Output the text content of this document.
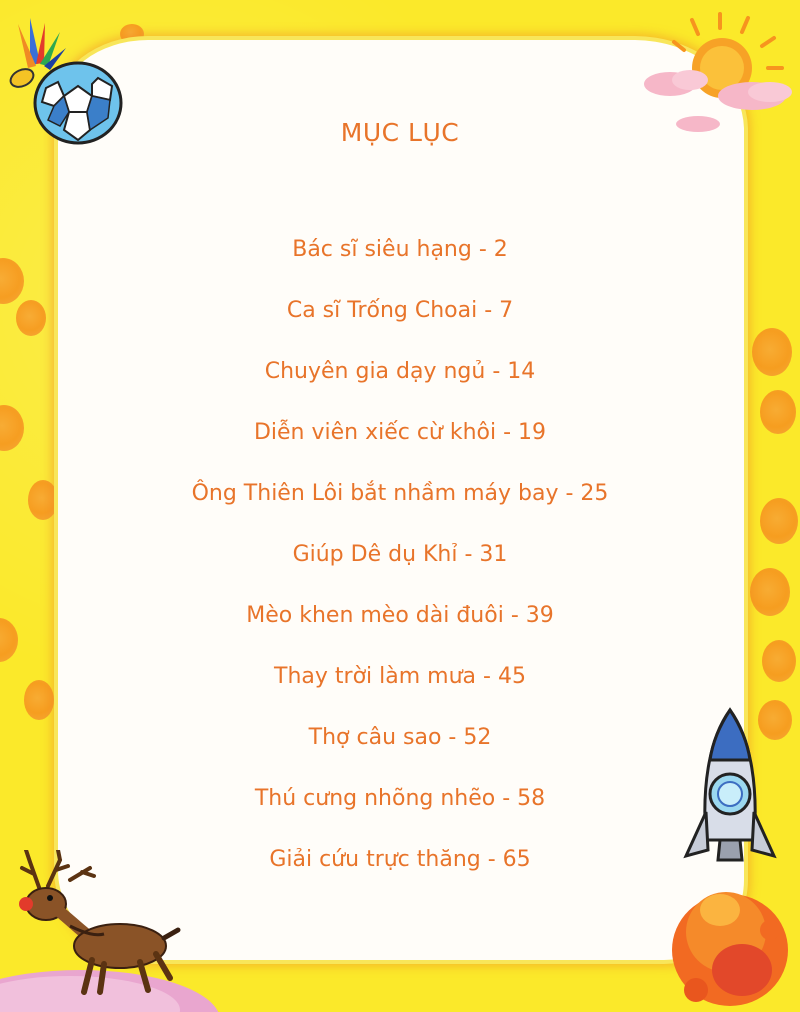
MỤC LỤC
Bác sĩ siêu hạng - 2
Ca sĩ Trống Choai - 7
Chuyên gia dạy ngủ - 14
Diễn viên xiếc cừ khôi - 19
Ông Thiên Lôi bắt nhầm máy bay - 25
Giúp Dê dụ Khỉ - 31
Mèo khen mèo dài đuôi - 39
Thay trời làm mưa - 45
Thợ câu sao - 52
Thú cưng nhõng nhẽo - 58
Giải cứu trực thăng - 65
